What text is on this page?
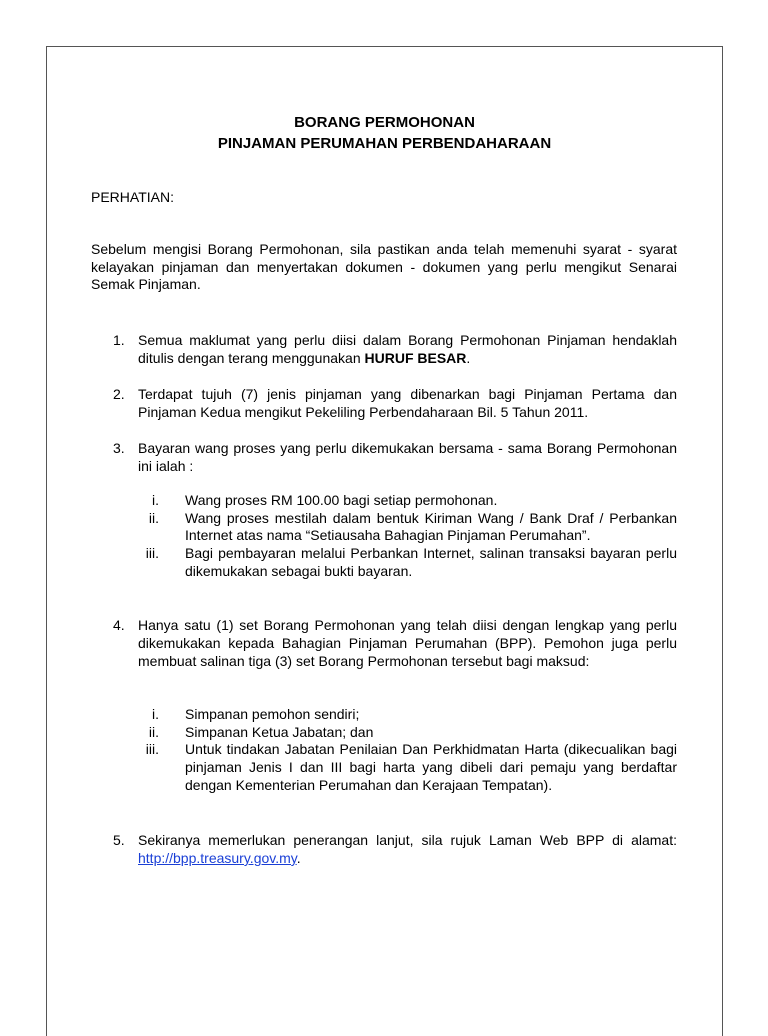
BORANG PERMOHONAN
PINJAMAN PERUMAHAN PERBENDAHARAAN
PERHATIAN:
Sebelum mengisi Borang Permohonan, sila pastikan anda telah memenuhi syarat - syarat kelayakan pinjaman dan menyertakan dokumen - dokumen yang perlu mengikut Senarai Semak Pinjaman.
1. Semua maklumat yang perlu diisi dalam Borang Permohonan Pinjaman hendaklah ditulis dengan terang menggunakan HURUF BESAR.
2. Terdapat tujuh (7) jenis pinjaman yang dibenarkan bagi Pinjaman Pertama dan Pinjaman Kedua mengikut Pekeliling Perbendaharaan Bil. 5 Tahun 2011.
3. Bayaran wang proses yang perlu dikemukakan bersama - sama Borang Permohonan ini ialah :
i. Wang proses RM 100.00 bagi setiap permohonan.
ii. Wang proses mestilah dalam bentuk Kiriman Wang / Bank Draf / Perbankan Internet atas nama “Setiausaha Bahagian Pinjaman Perumahan”.
iii. Bagi pembayaran melalui Perbankan Internet, salinan transaksi bayaran perlu dikemukakan sebagai bukti bayaran.
4. Hanya satu (1) set Borang Permohonan yang telah diisi dengan lengkap yang perlu dikemukakan kepada Bahagian Pinjaman Perumahan (BPP). Pemohon juga perlu membuat salinan tiga (3) set Borang Permohonan tersebut bagi maksud:
i. Simpanan pemohon sendiri;
ii. Simpanan Ketua Jabatan; dan
iii. Untuk tindakan Jabatan Penilaian Dan Perkhidmatan Harta (dikecualikan bagi pinjaman Jenis I dan III bagi harta yang dibeli dari pemaju yang berdaftar dengan Kementerian Perumahan dan Kerajaan Tempatan).
5. Sekiranya memerlukan penerangan lanjut, sila rujuk Laman Web BPP di alamat: http://bpp.treasury.gov.my.
